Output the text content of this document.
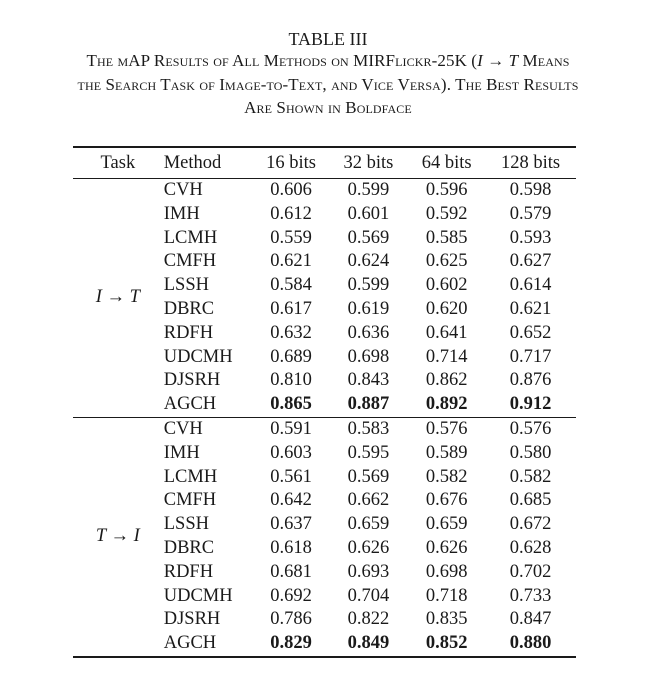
TABLE III
The mAP Results of All Methods on MIRFlickr-25K (I → T Means
the Search Task of Image-to-Text, and Vice Versa). The Best Results
Are Shown in Boldface
Task	Method	16 bits	32 bits	64 bits	128 bits
I → T	CVH	0.606	0.599	0.596	0.598
	IMH	0.612	0.601	0.592	0.579
	LCMH	0.559	0.569	0.585	0.593
	CMFH	0.621	0.624	0.625	0.627
	LSSH	0.584	0.599	0.602	0.614
	DBRC	0.617	0.619	0.620	0.621
	RDFH	0.632	0.636	0.641	0.652
	UDCMH	0.689	0.698	0.714	0.717
	DJSRH	0.810	0.843	0.862	0.876
	AGCH	0.865	0.887	0.892	0.912
T → I	CVH	0.591	0.583	0.576	0.576
	IMH	0.603	0.595	0.589	0.580
	LCMH	0.561	0.569	0.582	0.582
	CMFH	0.642	0.662	0.676	0.685
	LSSH	0.637	0.659	0.659	0.672
	DBRC	0.618	0.626	0.626	0.628
	RDFH	0.681	0.693	0.698	0.702
	UDCMH	0.692	0.704	0.718	0.733
	DJSRH	0.786	0.822	0.835	0.847
	AGCH	0.829	0.849	0.852	0.880
